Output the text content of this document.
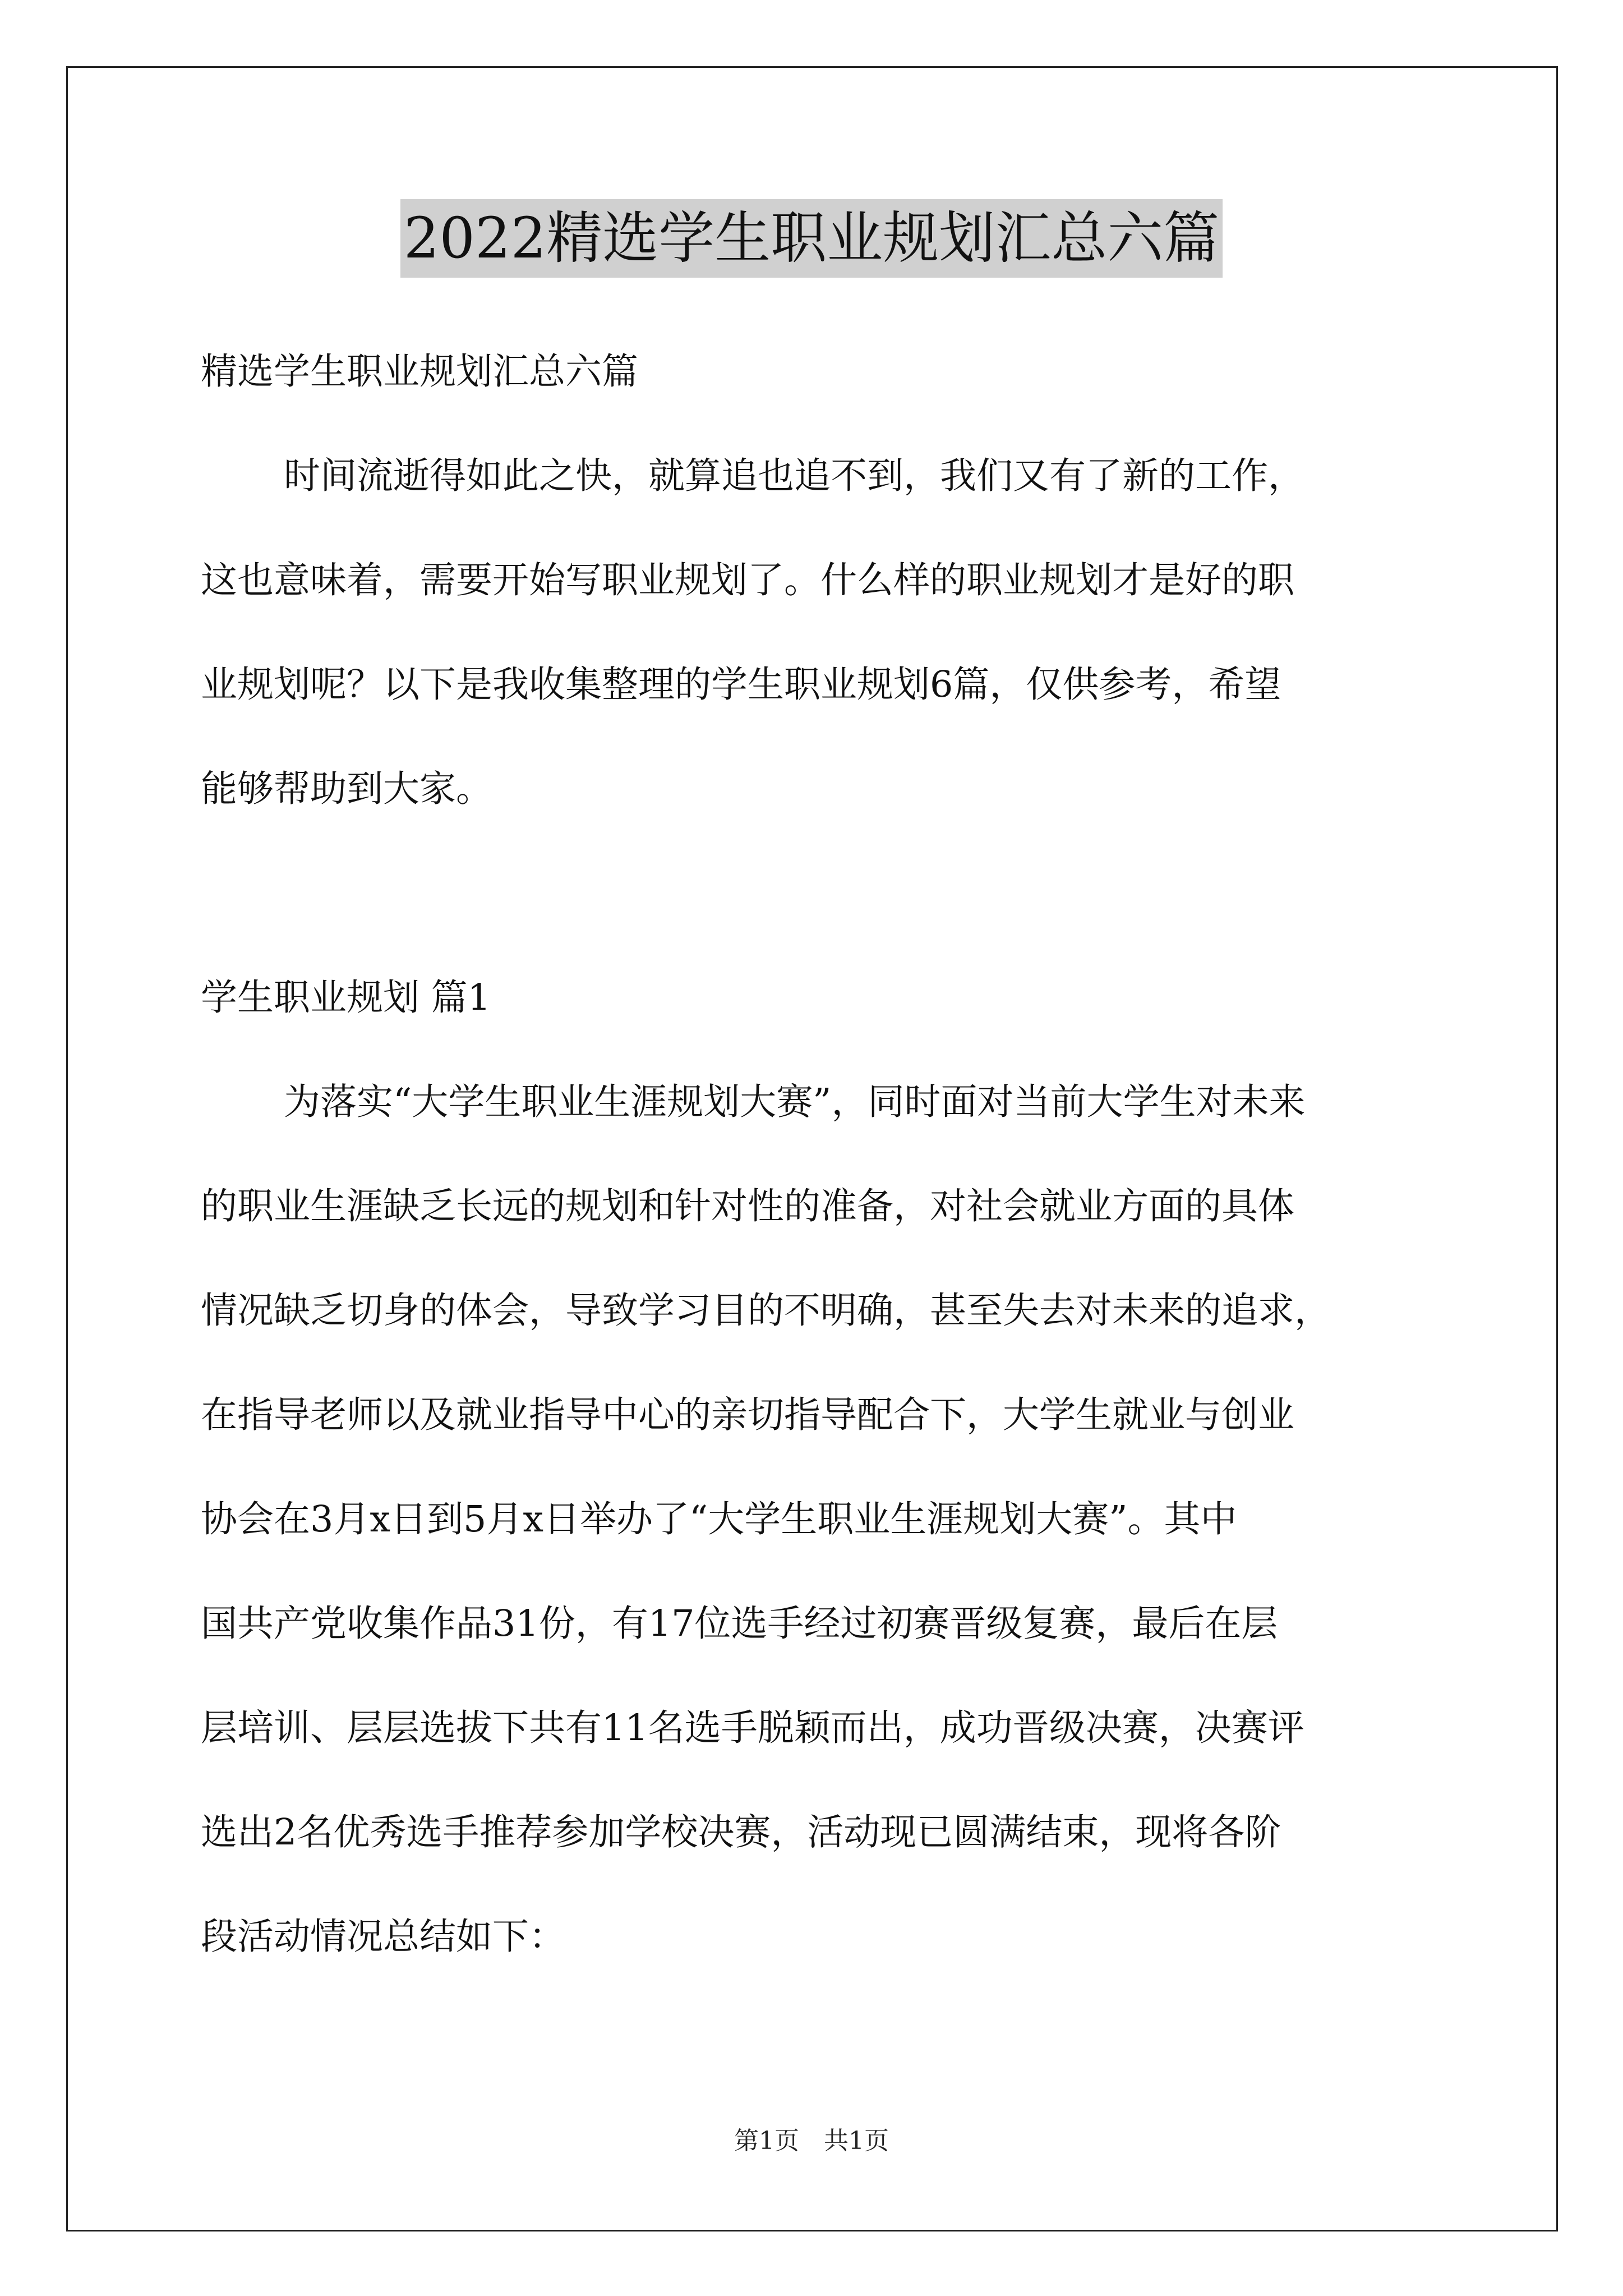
2022精选学生职业规划汇总六篇
精选学生职业规划汇总六篇
时间流逝得如此之快，就算追也追不到，我们又有了新的工作，
这也意味着，需要开始写职业规划了。什么样的职业规划才是好的职
业规划呢？以下是我收集整理的学生职业规划6篇，仅供参考，希望
能够帮助到大家。
学生职业规划 篇1
为落实“大学生职业生涯规划大赛”，同时面对当前大学生对未来
的职业生涯缺乏长远的规划和针对性的准备，对社会就业方面的具体
情况缺乏切身的体会，导致学习目的不明确，甚至失去对未来的追求，
在指导老师以及就业指导中心的亲切指导配合下，大学生就业与创业
协会在3月x日到5月x日举办了“大学生职业生涯规划大赛”。其中
国共产党收集作品31份，有17位选手经过初赛晋级复赛，最后在层
层培训、层层选拔下共有11名选手脱颖而出，成功晋级决赛，决赛评
选出2名优秀选手推荐参加学校决赛，活动现已圆满结束，现将各阶
段活动情况总结如下：
第1页　共1页
